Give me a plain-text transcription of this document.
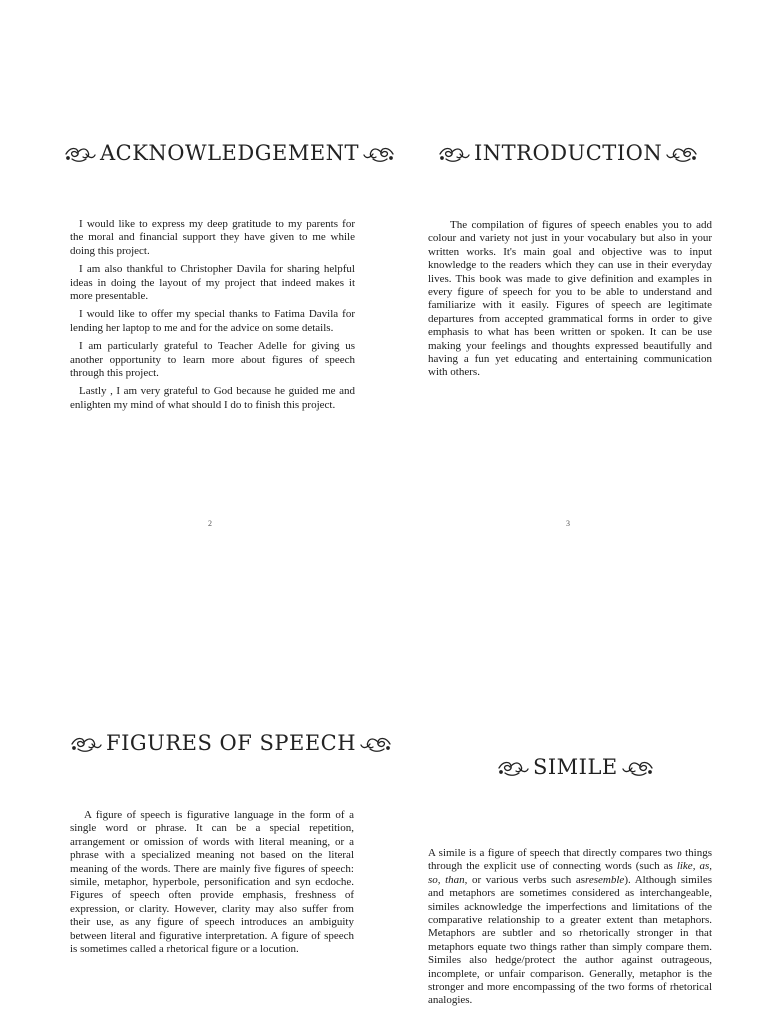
ACKNOWLEDGEMENT

I would like to express my deep gratitude to my parents for the moral and financial support they have given to me while doing this project.

I am also thankful to Christopher Davila for sharing helpful ideas in doing the layout of my project that indeed makes it more presentable.

I would like to offer my special thanks to Fatima Davila for lending her laptop to me and for the advice on some details.

I am particularly grateful to Teacher Adelle for giving us another opportunity to learn more about figures of speech through this project.

Lastly , I am very grateful to God because he guided me and enlighten my mind of what should I do to finish this project.

2
INTRODUCTION

The compilation of figures of speech enables you to add colour and variety not just in your vocabulary but also in your written works. It's main goal and objective was to input knowledge to the readers which they can use in their everyday lives. This book was made to give definition and examples in every figure of speech for you to be able to understand and familiarize with it easily. Figures of speech are legitimate departures from accepted grammatical forms in order to give emphasis to what has been written or spoken. It can be use making your feelings and thoughts expressed beautifully and having a fun yet educating and entertaining communication with others.

3
FIGURES OF SPEECH

A figure of speech is figurative language in the form of a single word or phrase. It can be a special repetition, arrangement or omission of words with literal meaning, or a phrase with a specialized meaning not based on the literal meaning of the words. There are mainly five figures of speech: simile, metaphor, hyperbole, personification and syn ecdoche. Figures of speech often provide emphasis, freshness of expression, or clarity. However, clarity may also suffer from their use, as any figure of speech introduces an ambiguity between literal and figurative interpretation. A figure of speech is sometimes called a rhetorical figure or a locution.

SIMILE

A simile is a figure of speech that directly compares two things through the explicit use of connecting words (such as like, as, so, than, or various verbs such asresemble). Although similes and metaphors are sometimes considered as interchangeable, similes acknowledge the imperfections and limitations of the comparative relationship to a greater extent than metaphors. Metaphors are subtler and so rhetorically stronger in that metaphors equate two things rather than simply compare them. Similes also hedge/protect the author against outrageous, incomplete, or unfair comparison. Generally, metaphor is the stronger and more encompassing of the two forms of rhetorical analogies.
